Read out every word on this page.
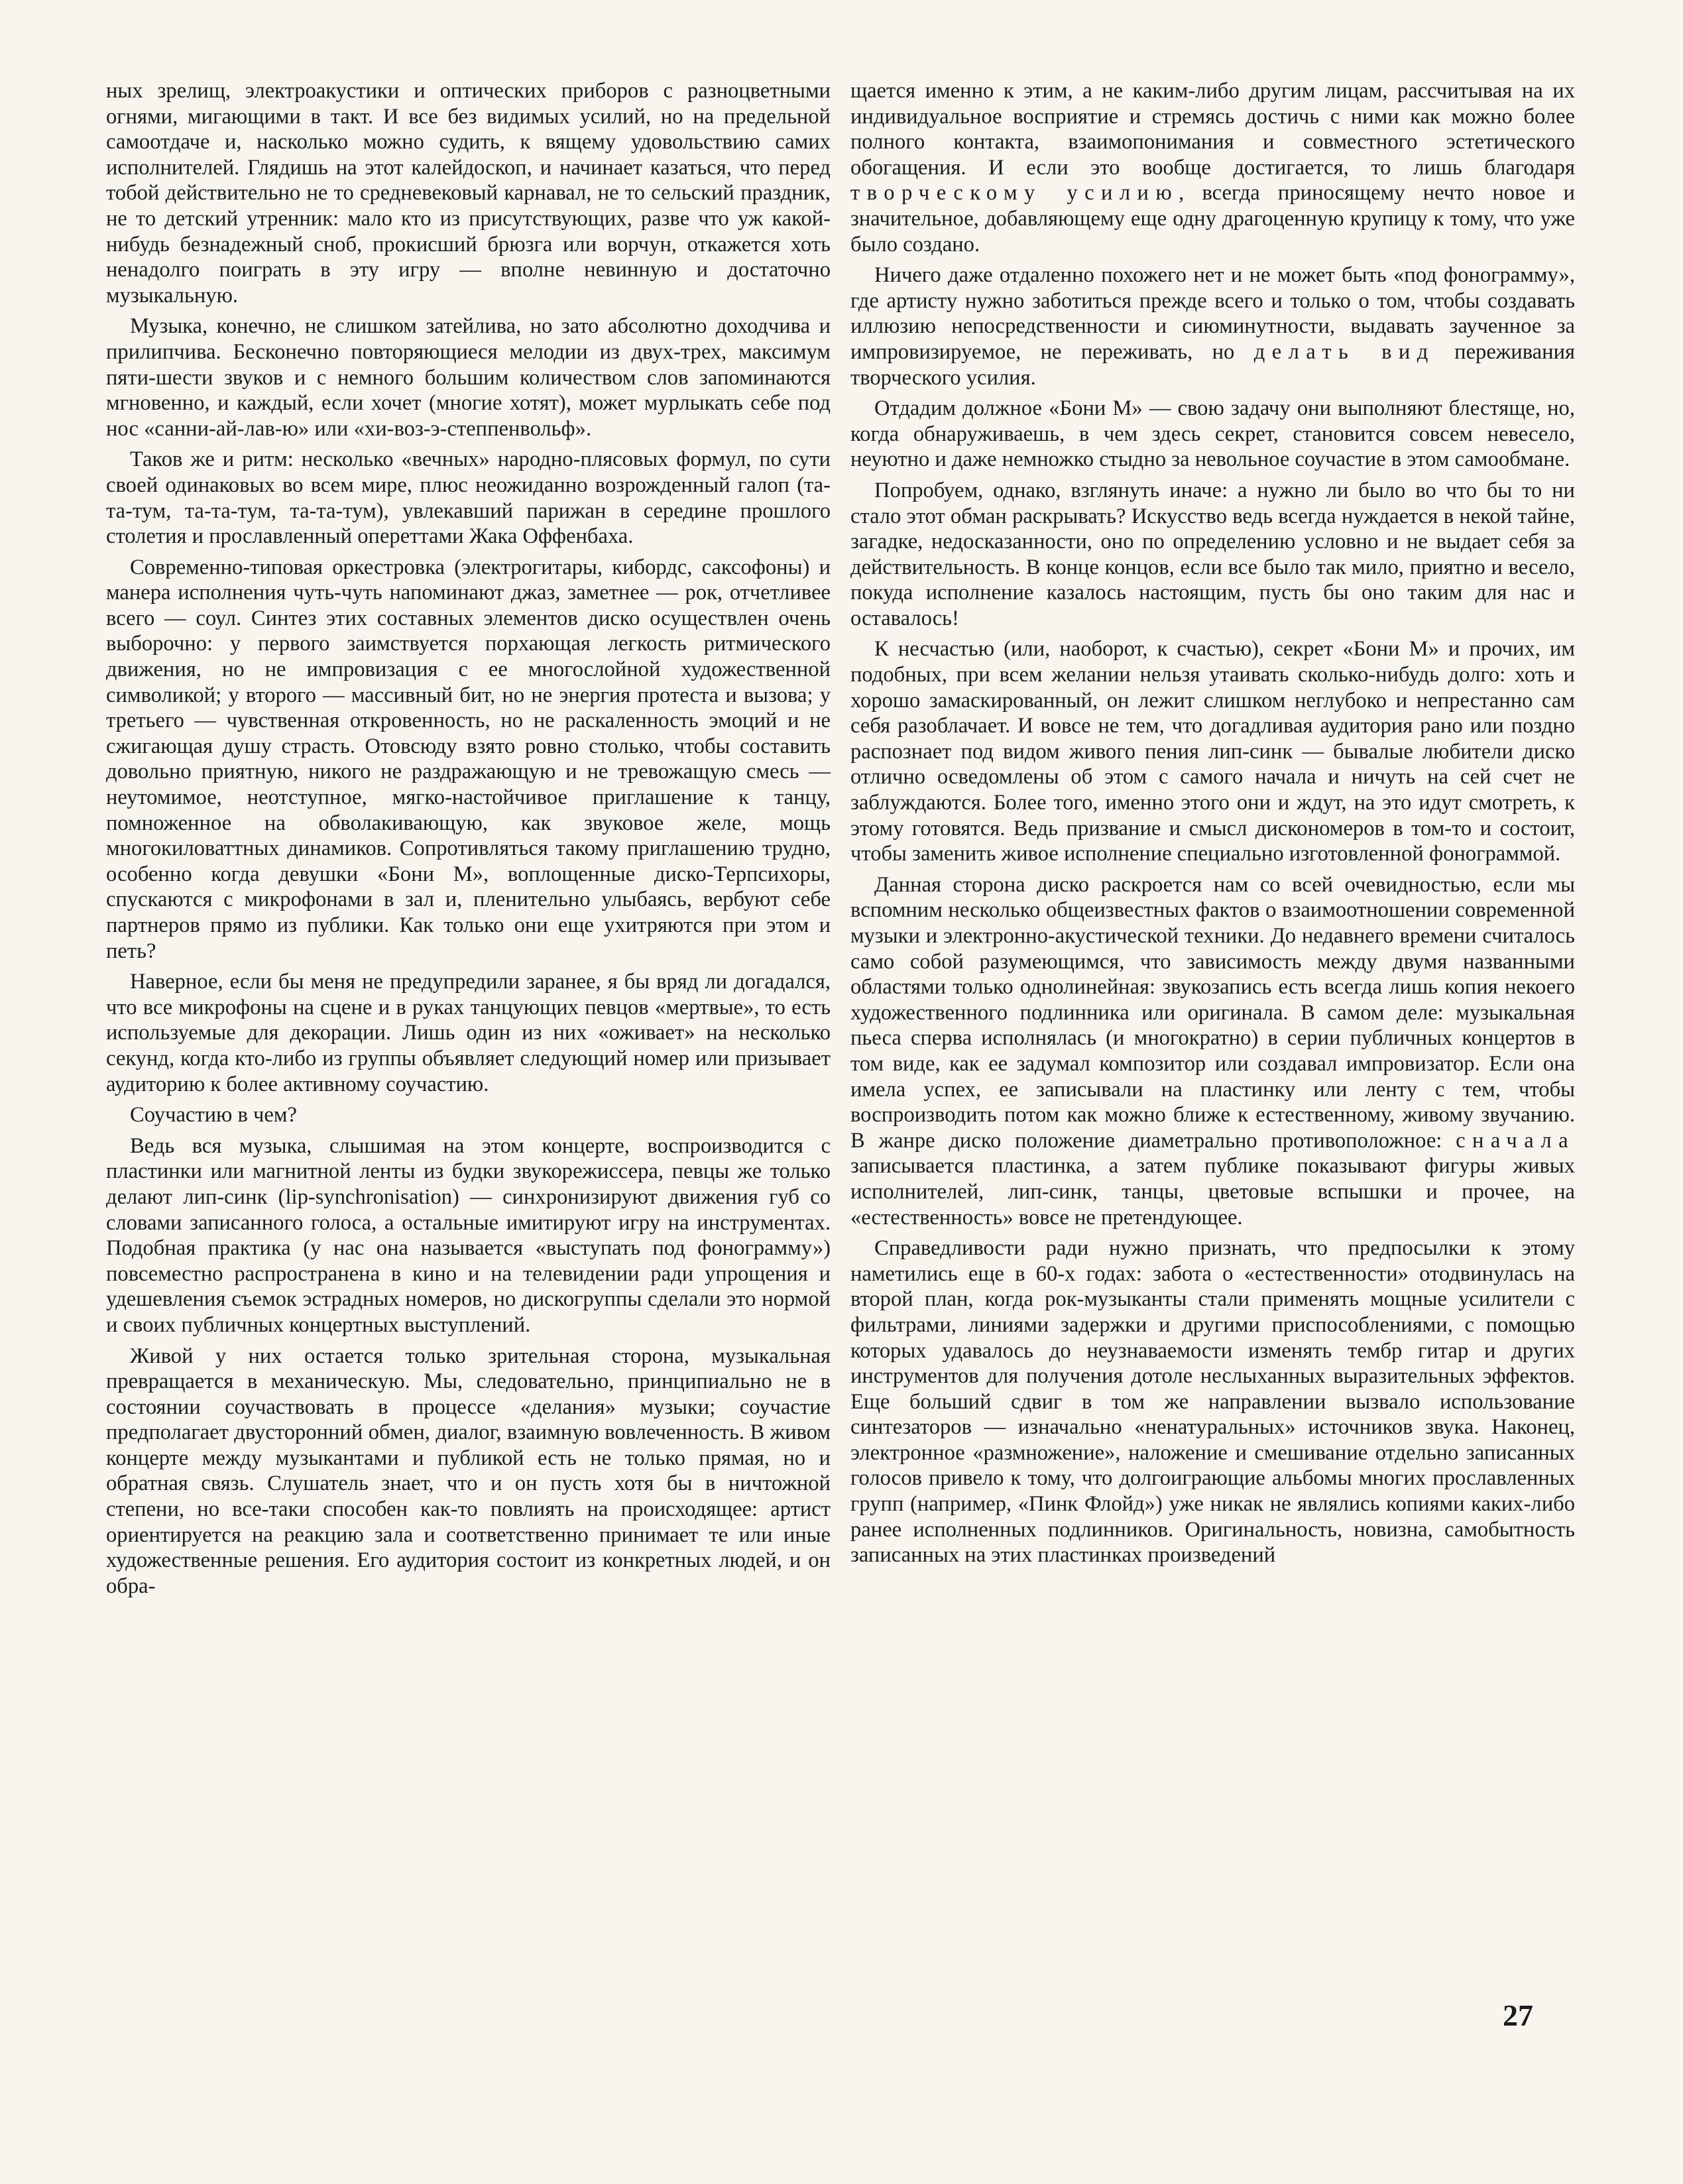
ных зрелищ, электроакустики и оптических приборов с разноцветными огнями, мигающими в такт. И все без видимых усилий, но на предельной самоотдаче и, насколько можно судить, к вящему удовольствию самих исполнителей. Глядишь на этот калейдоскоп, и начинает казаться, что перед тобой действительно не то средневековый карнавал, не то сельский праздник, не то детский утренник: мало кто из присутствующих, разве что уж какой-нибудь безнадежный сноб, прокисший брюзга или ворчун, откажется хоть ненадолго поиграть в эту игру — вполне невинную и достаточно музыкальную.

Музыка, конечно, не слишком затейлива, но зато абсолютно доходчива и прилипчива. Бесконечно повторяющиеся мелодии из двух-трех, максимум пяти-шести звуков и с немного большим количеством слов запоминаются мгновенно, и каждый, если хочет (многие хотят), может мурлыкать себе под нос «санни-ай-лав-ю» или «хи-воз-э-степпенвольф».

Таков же и ритм: несколько «вечных» народно-плясовых формул, по сути своей одинаковых во всем мире, плюс неожиданно возрожденный галоп (та-та-тум, та-та-тум, та-та-тум), увлекавший парижан в середине прошлого столетия и прославленный опереттами Жака Оффенбаха.

Современно-типовая оркестровка (электрогитары, кибордс, саксофоны) и манера исполнения чуть-чуть напоминают джаз, заметнее — рок, отчетливее всего — соул. Синтез этих составных элементов диско осуществлен очень выборочно: у первого заимствуется порхающая легкость ритмического движения, но не импровизация с ее многослойной художественной символикой; у второго — массивный бит, но не энергия протеста и вызова; у третьего — чувственная откровенность, но не раскаленность эмоций и не сжигающая душу страсть. Отовсюду взято ровно столько, чтобы составить довольно приятную, никого не раздражающую и не тревожащую смесь — неутомимое, неотступное, мягко-настойчивое приглашение к танцу, помноженное на обволакивающую, как звуковое желе, мощь многокиловаттных динамиков. Сопротивляться такому приглашению трудно, особенно когда девушки «Бони М», воплощенные диско-Терпсихоры, спускаются с микрофонами в зал и, пленительно улыбаясь, вербуют себе партнеров прямо из публики. Как только они еще ухитряются при этом и петь?

Наверное, если бы меня не предупредили заранее, я бы вряд ли догадался, что все микрофоны на сцене и в руках танцующих певцов «мертвые», то есть используемые для декорации. Лишь один из них «оживает» на несколько секунд, когда кто-либо из группы объявляет следующий номер или призывает аудиторию к более активному соучастию.

Соучастию в чем?

Ведь вся музыка, слышимая на этом концерте, воспроизводится с пластинки или магнитной ленты из будки звукорежиссера, певцы же только делают лип-синк (lip-synchronisation) — синхронизируют движения губ со словами записанного голоса, а остальные имитируют игру на инструментах. Подобная практика (у нас она называется «выступать под фонограмму») повсеместно распространена в кино и на телевидении ради упрощения и удешевления съемок эстрадных номеров, но дискогруппы сделали это нормой и своих публичных концертных выступлений.

Живой у них остается только зрительная сторона, музыкальная превращается в механическую. Мы, следовательно, принципиально не в состоянии соучаствовать в процессе «делания» музыки; соучастие предполагает двусторонний обмен, диалог, взаимную вовлеченность. В живом концерте между музыкантами и публикой есть не только прямая, но и обратная связь. Слушатель знает, что и он пусть хотя бы в ничтожной степени, но все-таки способен как-то повлиять на происходящее: артист ориентируется на реакцию зала и соответственно принимает те или иные художественные решения. Его аудитория состоит из конкретных людей, и он обра-

щается именно к этим, а не каким-либо другим лицам, рассчитывая на их индивидуальное восприятие и стремясь достичь с ними как можно более полного контакта, взаимопонимания и совместного эстетического обогащения. И если это вообще достигается, то лишь благодаря творческому усилию, всегда приносящему нечто новое и значительное, добавляющему еще одну драгоценную крупицу к тому, что уже было создано.

Ничего даже отдаленно похожего нет и не может быть «под фонограмму», где артисту нужно заботиться прежде всего и только о том, чтобы создавать иллюзию непосредственности и сиюминутности, выдавать заученное за импровизируемое, не переживать, но делать вид переживания творческого усилия.

Отдадим должное «Бони М» — свою задачу они выполняют блестяще, но, когда обнаруживаешь, в чем здесь секрет, становится совсем невесело, неуютно и даже немножко стыдно за невольное соучастие в этом самообмане.

Попробуем, однако, взглянуть иначе: а нужно ли было во что бы то ни стало этот обман раскрывать? Искусство ведь всегда нуждается в некой тайне, загадке, недосказанности, оно по определению условно и не выдает себя за действительность. В конце концов, если все было так мило, приятно и весело, покуда исполнение казалось настоящим, пусть бы оно таким для нас и оставалось!

К несчастью (или, наоборот, к счастью), секрет «Бони М» и прочих, им подобных, при всем желании нельзя утаивать сколько-нибудь долго: хоть и хорошо замаскированный, он лежит слишком неглубоко и непрестанно сам себя разоблачает. И вовсе не тем, что догадливая аудитория рано или поздно распознает под видом живого пения лип-синк — бывалые любители диско отлично осведомлены об этом с самого начала и ничуть на сей счет не заблуждаются. Более того, именно этого они и ждут, на это идут смотреть, к этому готовятся. Ведь призвание и смысл дискономеров в том-то и состоит, чтобы заменить живое исполнение специально изготовленной фонограммой.

Данная сторона диско раскроется нам со всей очевидностью, если мы вспомним несколько общеизвестных фактов о взаимоотношении современной музыки и электронно-акустической техники. До недавнего времени считалось само собой разумеющимся, что зависимость между двумя названными областями только однолинейная: звукозапись есть всегда лишь копия некоего художественного подлинника или оригинала. В самом деле: музыкальная пьеса сперва исполнялась (и многократно) в серии публичных концертов в том виде, как ее задумал композитор или создавал импровизатор. Если она имела успех, ее записывали на пластинку или ленту с тем, чтобы воспроизводить потом как можно ближе к естественному, живому звучанию. В жанре диско положение диаметрально противоположное: сначала записывается пластинка, а затем публике показывают фигуры живых исполнителей, лип-синк, танцы, цветовые вспышки и прочее, на «естественность» вовсе не претендующее.

Справедливости ради нужно признать, что предпосылки к этому наметились еще в 60-х годах: забота о «естественности» отодвинулась на второй план, когда рок-музыканты стали применять мощные усилители с фильтрами, линиями задержки и другими приспособлениями, с помощью которых удавалось до неузнаваемости изменять тембр гитар и других инструментов для получения дотоле неслыханных выразительных эффектов. Еще больший сдвиг в том же направлении вызвало использование синтезаторов — изначально «ненатуральных» источников звука. Наконец, электронное «размножение», наложение и смешивание отдельно записанных голосов привело к тому, что долгоиграющие альбомы многих прославленных групп (например, «Пинк Флойд») уже никак не являлись копиями каких-либо ранее исполненных подлинников. Оригинальность, новизна, самобытность записанных на этих пластинках произведений

27
